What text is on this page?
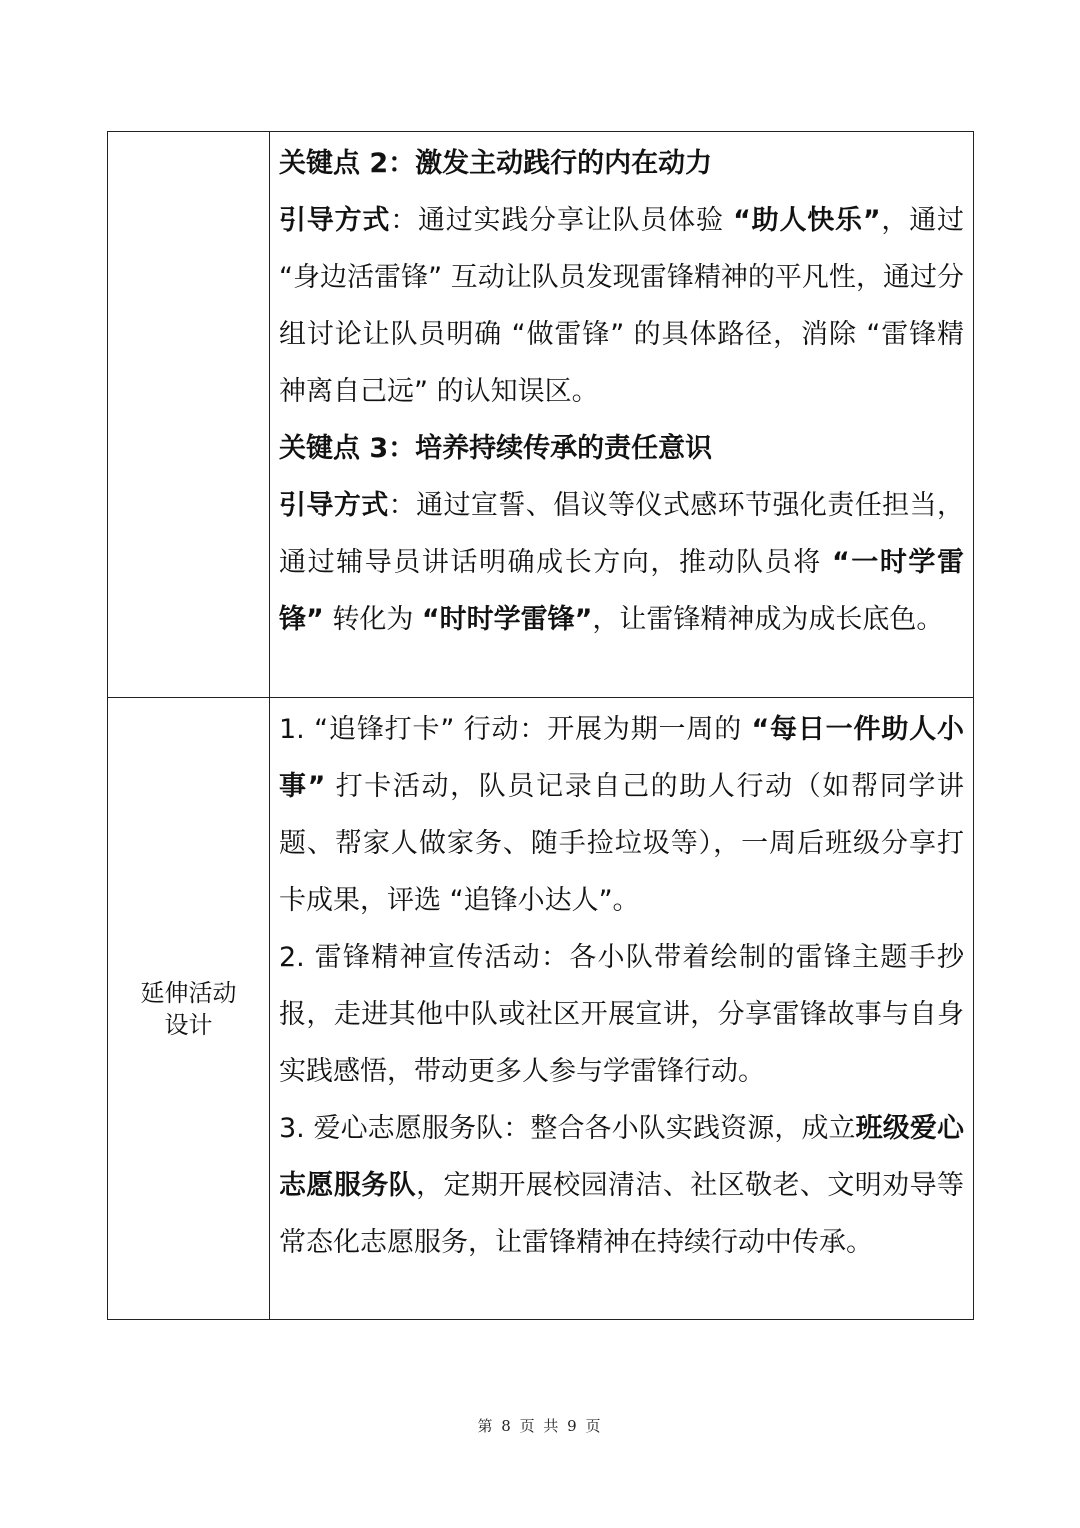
关键点 2：激发主动践行的内在动力

引导方式：通过实践分享让队员体验 “助人快乐”，通过 “身边活雷锋” 互动让队员发现雷锋精神的平凡性，通过分组讨论让队员明确 “做雷锋” 的具体路径，消除 “雷锋精神离自己远” 的认知误区。

关键点 3：培养持续传承的责任意识

引导方式：通过宣誓、倡议等仪式感环节强化责任担当，通过辅导员讲话明确成长方向，推动队员将 “一时学雷锋” 转化为 “时时学雷锋”，让雷锋精神成为成长底色。

延伸活动设计

1. “追锋打卡” 行动：开展为期一周的 “每日一件助人小事” 打卡活动，队员记录自己的助人行动（如帮同学讲题、帮家人做家务、随手捡垃圾等），一周后班级分享打卡成果，评选 “追锋小达人”。

2. 雷锋精神宣传活动：各小队带着绘制的雷锋主题手抄报，走进其他中队或社区开展宣讲，分享雷锋故事与自身实践感悟，带动更多人参与学雷锋行动。

3. 爱心志愿服务队：整合各小队实践资源，成立班级爱心志愿服务队，定期开展校园清洁、社区敬老、文明劝导等常态化志愿服务，让雷锋精神在持续行动中传承。

第 8 页 共 9 页
